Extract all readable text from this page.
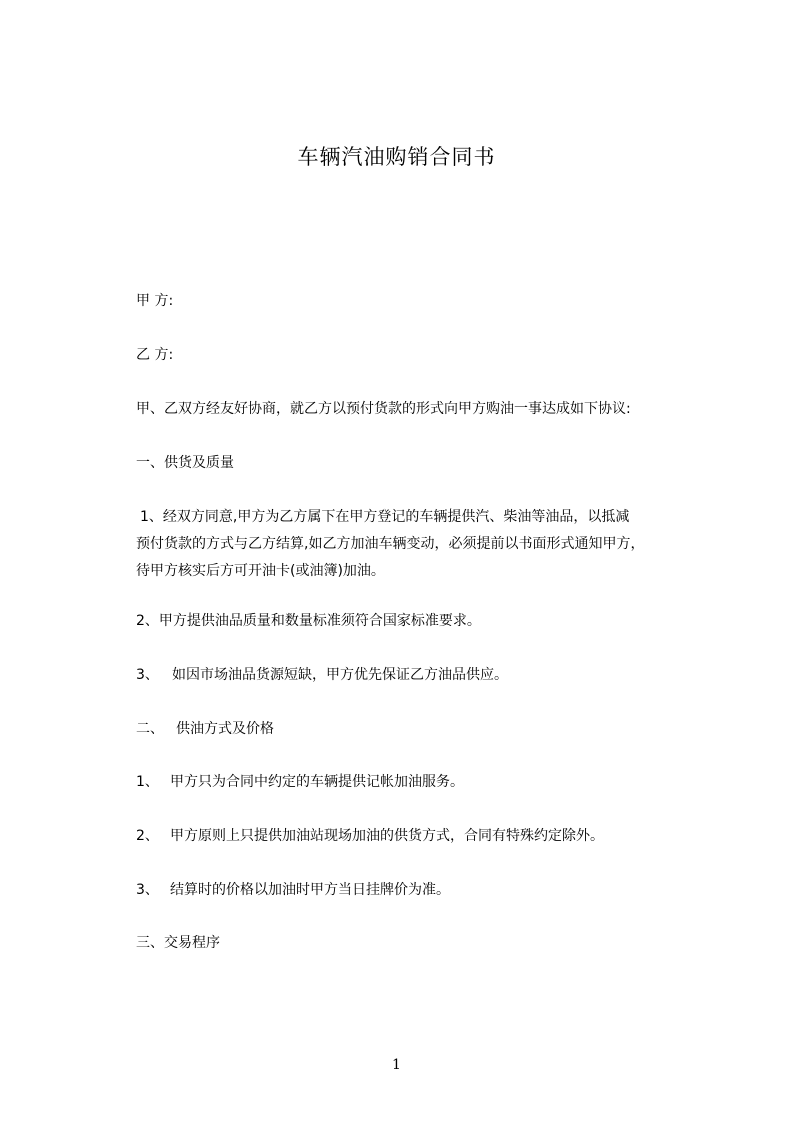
车辆汽油购销合同书
甲 方:
乙 方:
甲、乙双方经友好协商，就乙方以预付货款的形式向甲方购油一事达成如下协议:
一、供货及质量
1、经双方同意,甲方为乙方属下在甲方登记的车辆提供汽、柴油等油品，以抵减
预付货款的方式与乙方结算,如乙方加油车辆变动，必须提前以书面形式通知甲方，
待甲方核实后方可开油卡(或油簿)加油。
2、甲方提供油品质量和数量标准须符合国家标准要求。
3、 如因市场油品货源短缺，甲方优先保证乙方油品供应。
二、 供油方式及价格
1、 甲方只为合同中约定的车辆提供记帐加油服务。
2、 甲方原则上只提供加油站现场加油的供货方式，合同有特殊约定除外。
3、 结算时的价格以加油时甲方当日挂牌价为准。
三、交易程序
1
